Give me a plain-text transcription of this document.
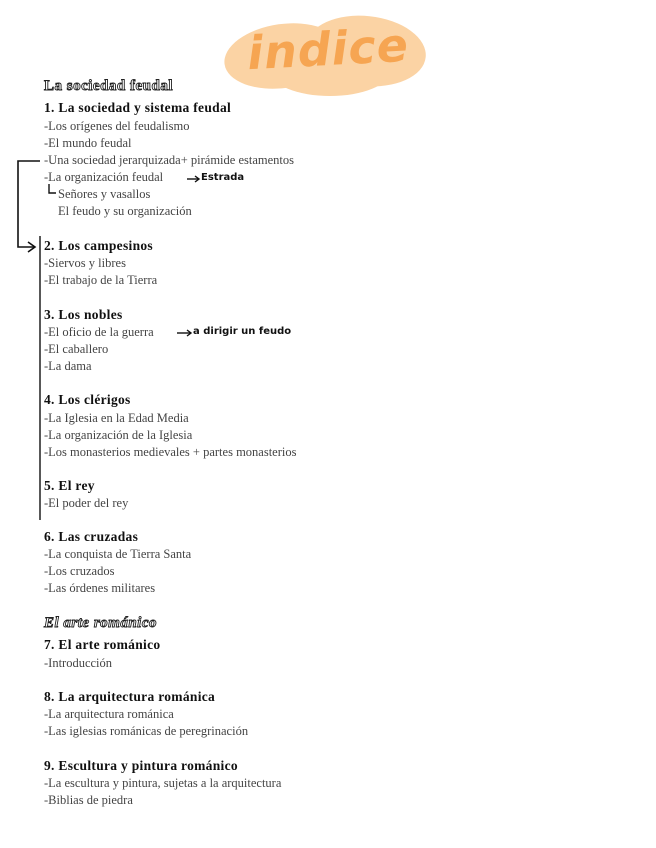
indice
La sociedad feudal
1. La sociedad y sistema feudal
-Los orígenes del feudalismo
-El mundo feudal
-Una sociedad jerarquizada+ pirámide estamentos
-La organización feudal	Estrada
Señores y vasallos
El feudo y su organización
2. Los campesinos
-Siervos y libres
-El trabajo de la Tierra
3. Los nobles
-El oficio de la guerra	a dirigir un feudo
-El caballero
-La dama
4. Los clérigos
-La Iglesia en la Edad Media
-La organización de la Iglesia
-Los monasterios medievales + partes monasterios
5. El rey
-El poder del rey
6. Las cruzadas
-La conquista de Tierra Santa
-Los cruzados
-Las órdenes militares
El arte románico
7. El arte románico
-Introducción
8. La arquitectura románica
-La arquitectura románica
-Las iglesias románicas de peregrinación
9. Escultura y pintura románico
-La escultura y pintura, sujetas a la arquitectura
-Biblias de piedra
